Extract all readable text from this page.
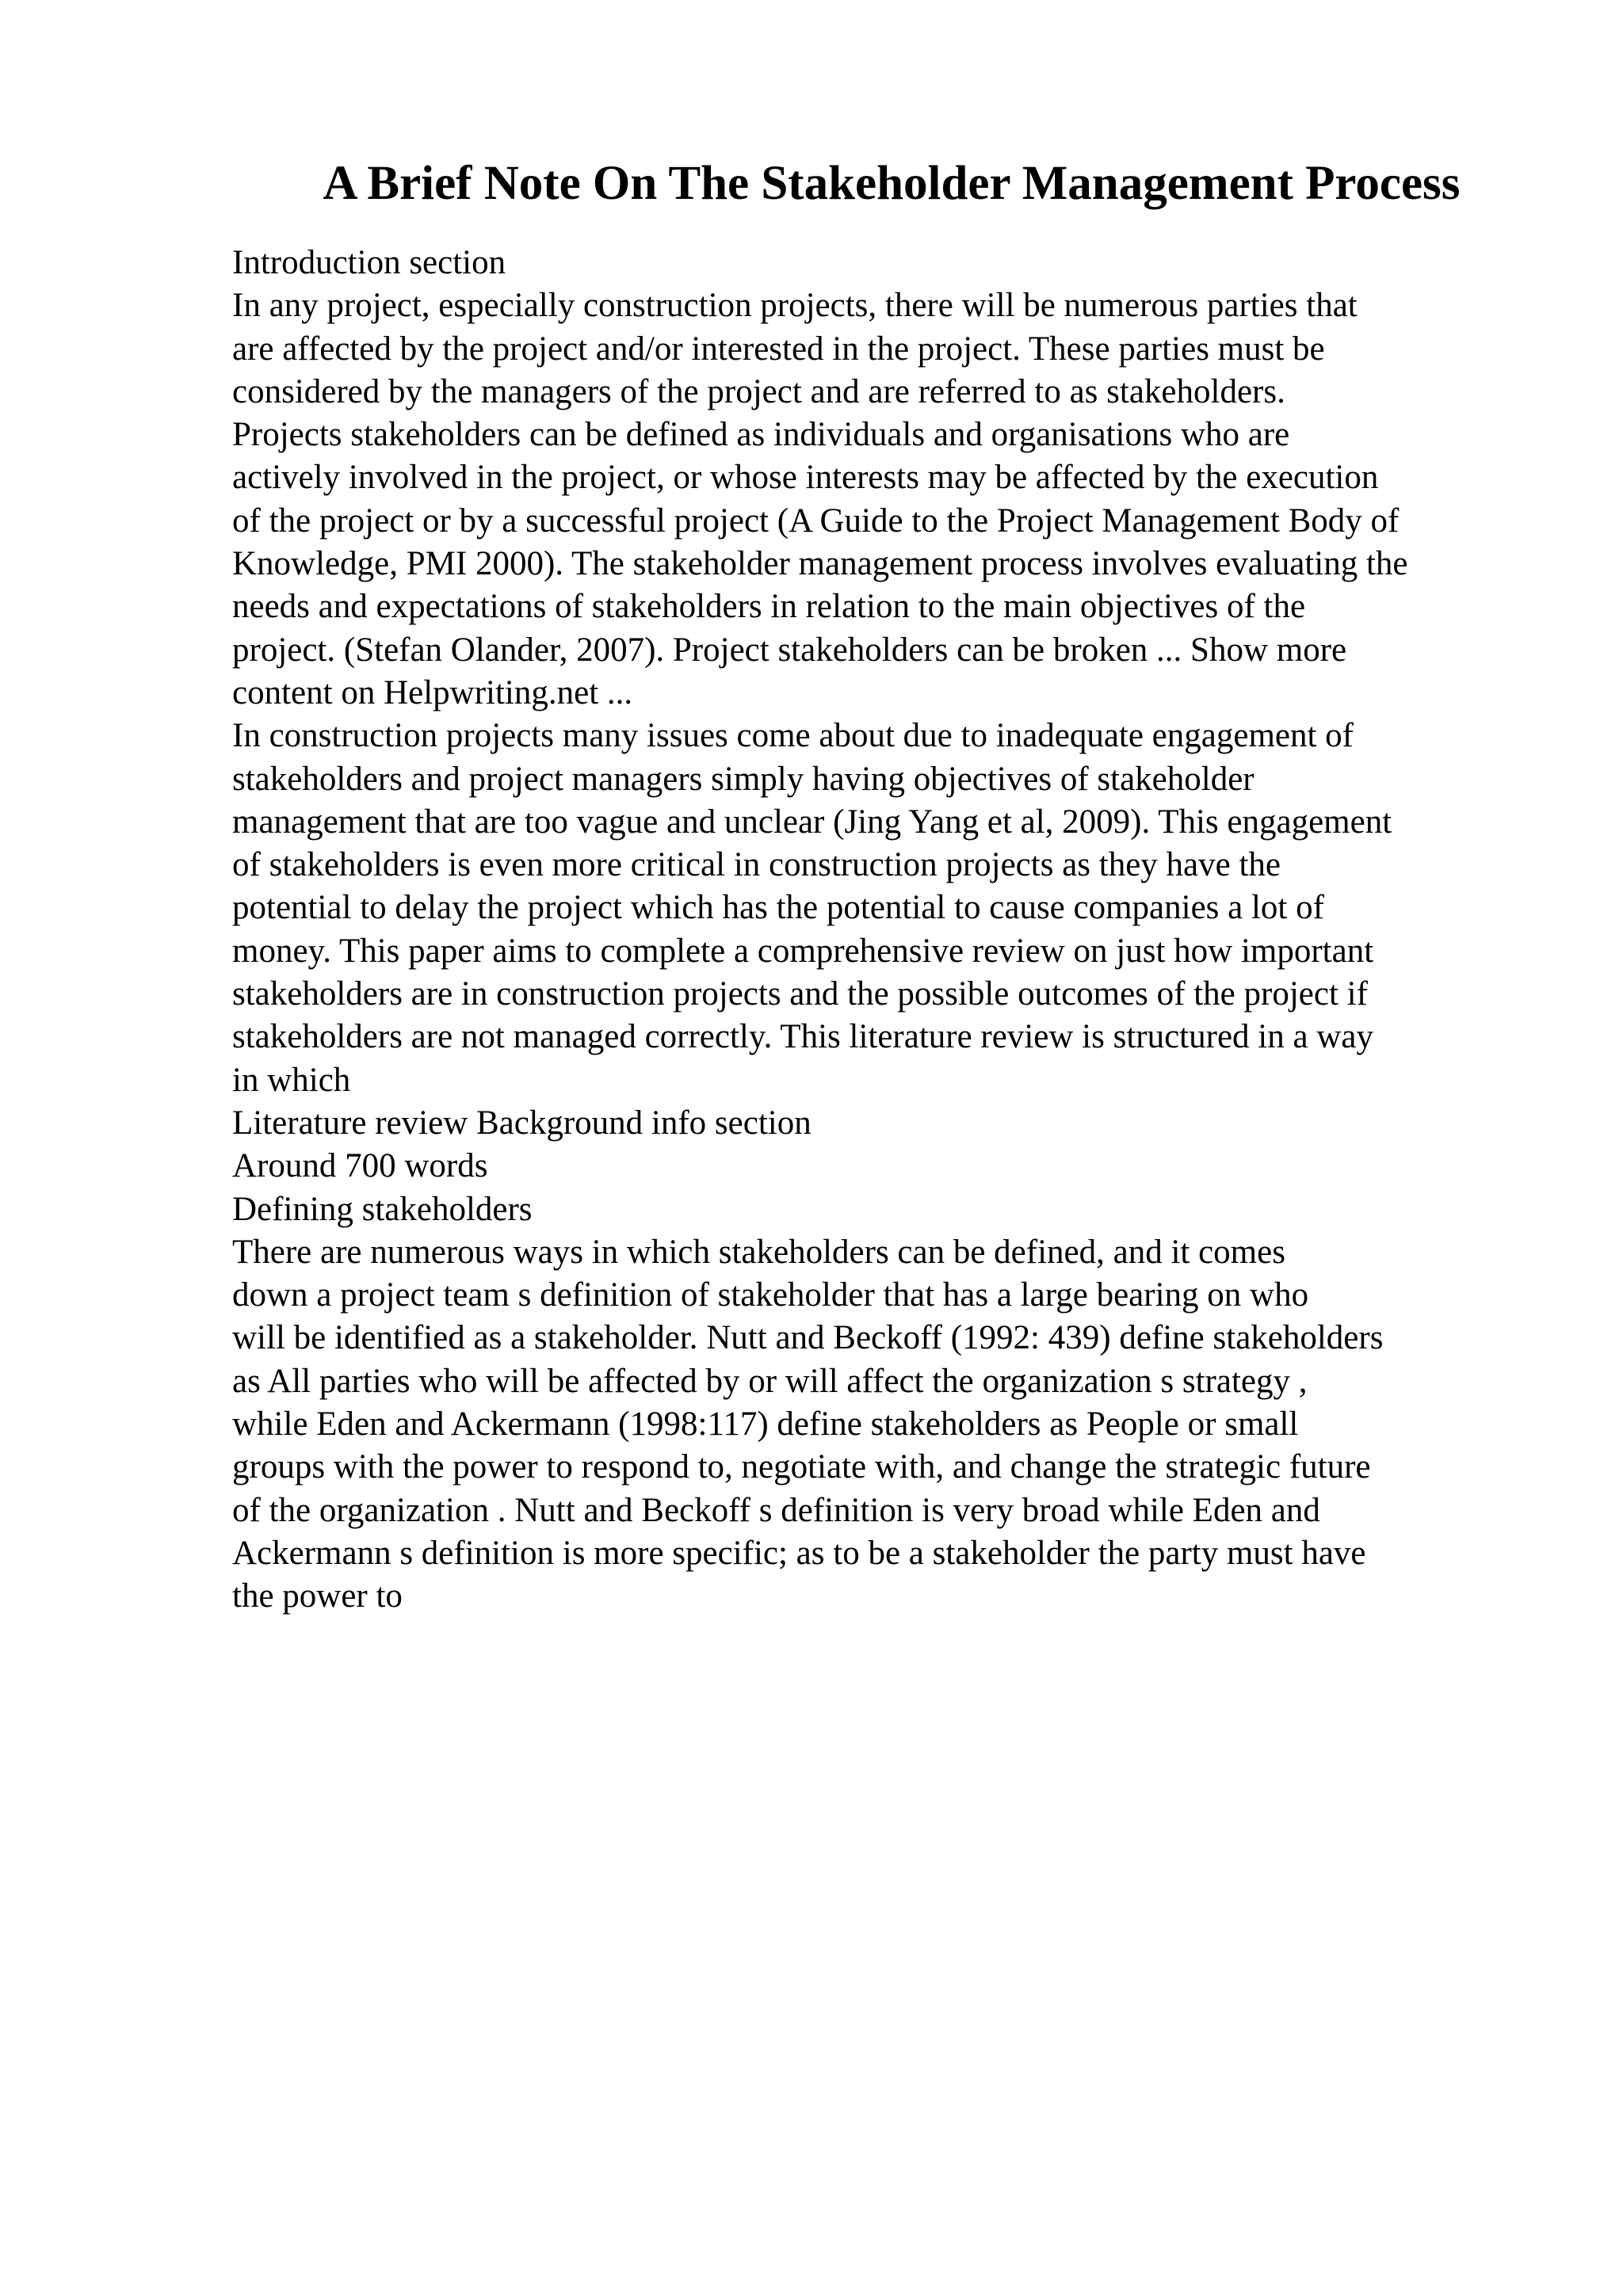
A Brief Note On The Stakeholder Management Process
Introduction section
In any project, especially construction projects, there will be numerous parties that
are affected by the project and/or interested in the project. These parties must be
considered by the managers of the project and are referred to as stakeholders.
Projects stakeholders can be defined as individuals and organisations who are
actively involved in the project, or whose interests may be affected by the execution
of the project or by a successful project (A Guide to the Project Management Body of
Knowledge, PMI 2000). The stakeholder management process involves evaluating the
needs and expectations of stakeholders in relation to the main objectives of the
project. (Stefan Olander, 2007). Project stakeholders can be broken ... Show more
content on Helpwriting.net ...
In construction projects many issues come about due to inadequate engagement of
stakeholders and project managers simply having objectives of stakeholder
management that are too vague and unclear (Jing Yang et al, 2009). This engagement
of stakeholders is even more critical in construction projects as they have the
potential to delay the project which has the potential to cause companies a lot of
money. This paper aims to complete a comprehensive review on just how important
stakeholders are in construction projects and the possible outcomes of the project if
stakeholders are not managed correctly. This literature review is structured in a way
in which
Literature review Background info section
Around 700 words
Defining stakeholders
There are numerous ways in which stakeholders can be defined, and it comes
down a project team s definition of stakeholder that has a large bearing on who
will be identified as a stakeholder. Nutt and Beckoff (1992: 439) define stakeholders
as All parties who will be affected by or will affect the organization s strategy ,
while Eden and Ackermann (1998:117) define stakeholders as People or small
groups with the power to respond to, negotiate with, and change the strategic future
of the organization . Nutt and Beckoff s definition is very broad while Eden and
Ackermann s definition is more specific; as to be a stakeholder the party must have
the power to
